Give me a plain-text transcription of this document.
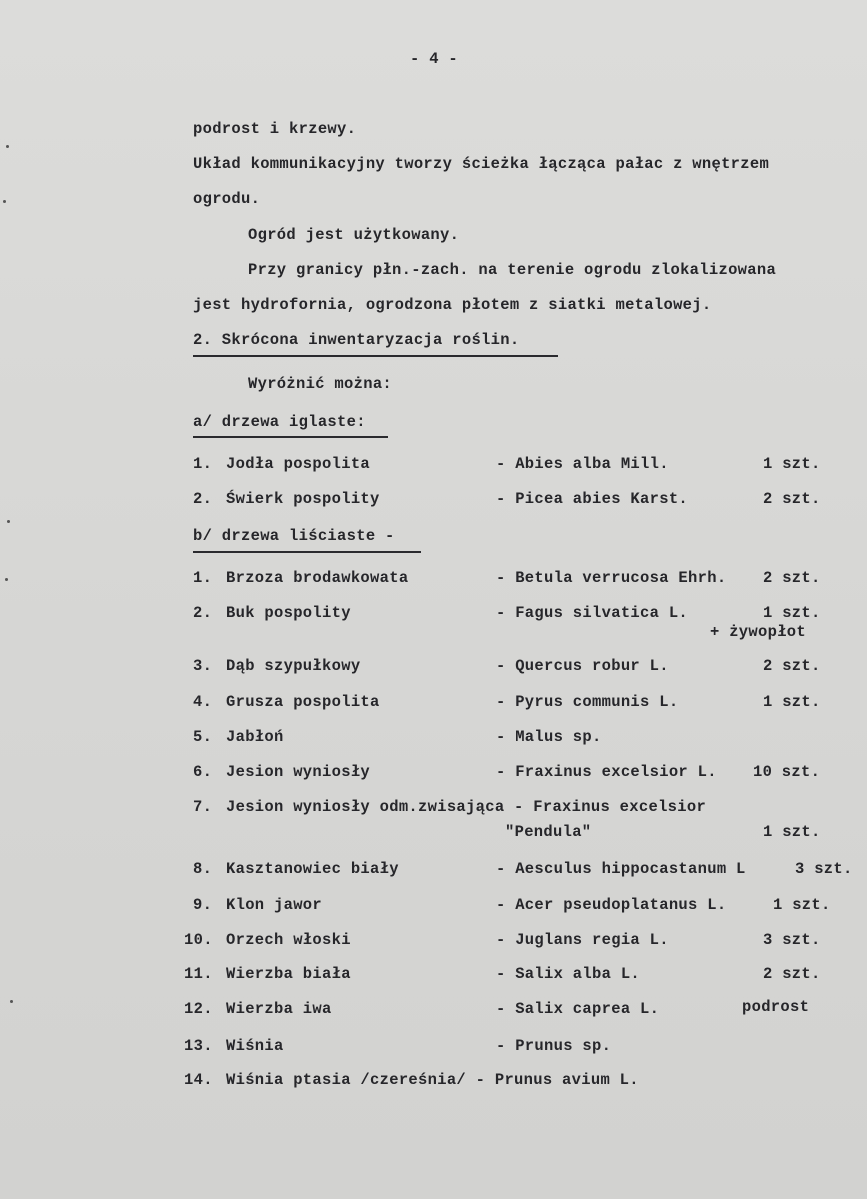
- 4 -
podrost i krzewy.
Układ kommunikacyjny tworzy ścieżka łącząca pałac z wnętrzem
ogrodu.
Ogród jest użytkowany.
Przy granicy płn.-zach. na terenie ogrodu zlokalizowana
jest hydrofornia, ogrodzona płotem z siatki metalowej.
2. Skrócona inwentaryzacja roślin.
Wyróżnić można:
a/ drzewa iglaste:
1. Jodła pospolita	- Abies alba Mill.	1 szt.
2. Świerk pospolity	- Picea abies Karst.	2 szt.
b/ drzewa liściaste -
1. Brzoza brodawkowata	- Betula verrucosa Ehrh. 2 szt.
2. Buk pospolity	- Fagus silvatica L.	1 szt.
+ żywopłot
3. Dąb szypułkowy	- Quercus robur L.	2 szt.
4. Grusza pospolita	- Pyrus communis L.	1 szt.
5. Jabłoń	- Malus sp.
6. Jesion wyniosły	- Fraxinus excelsior L. 10 szt.
7. Jesion wyniosły odm.zwisająca - Fraxinus excelsior
"Pendula"	1 szt.
8. Kasztanowiec biały	- Aesculus hippocastanum L	3 szt.
9. Klon jawor	- Acer pseudoplatanus L.	1 szt.
10. Orzech włoski	- Juglans regia L.	3 szt.
11. Wierzba biała	- Salix alba L.	2 szt.
12. Wierzba iwa	- Salix caprea L.	podrost
13. Wiśnia	- Prunus sp.
14. Wiśnia ptasia /czereśnia/ - Prunus avium L.
